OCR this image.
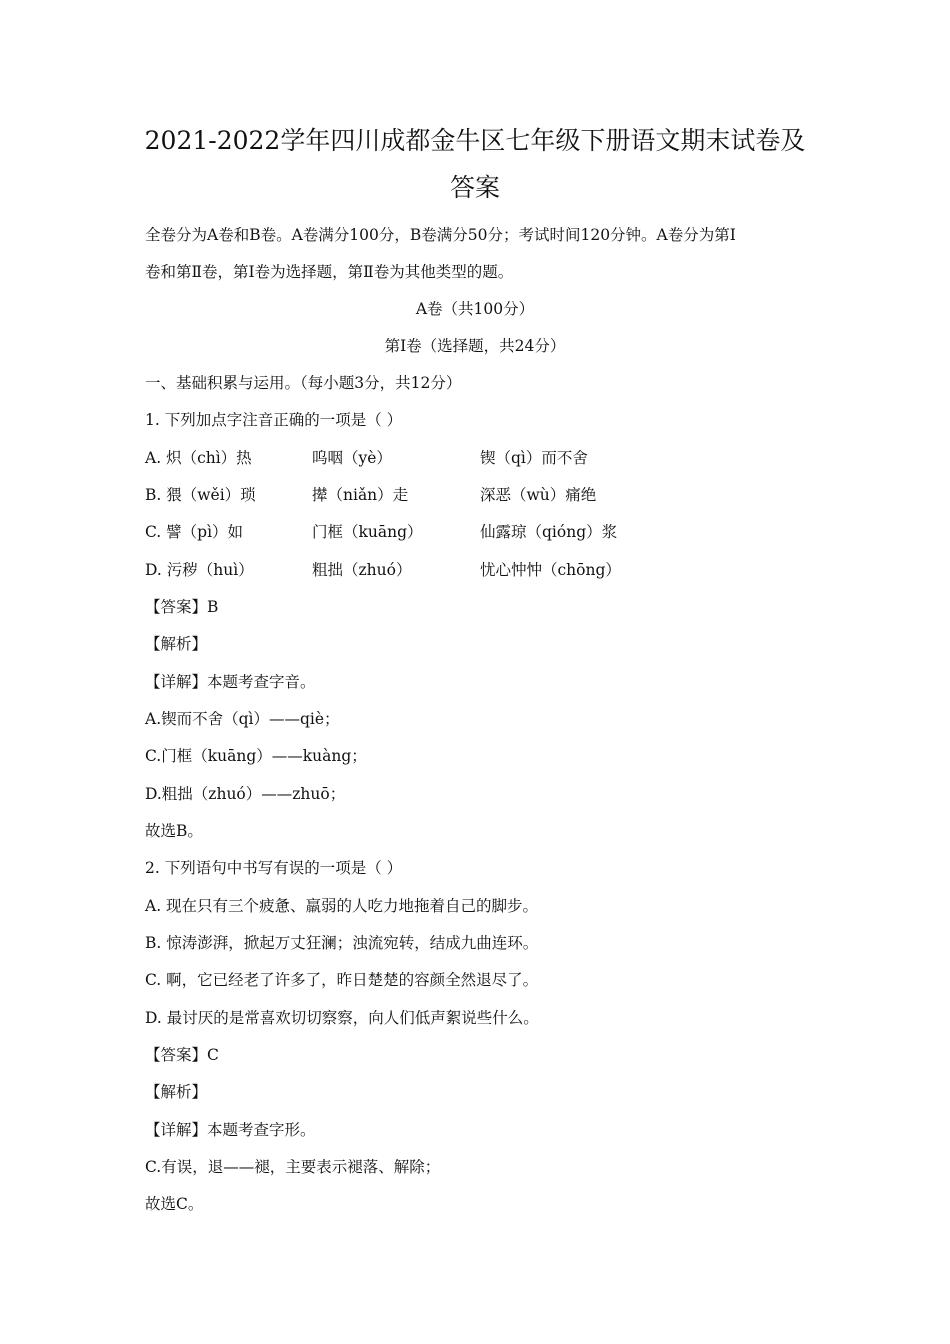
2021-2022学年四川成都金牛区七年级下册语文期末试卷及
答案
全卷分为A卷和B卷。A卷满分100分，B卷满分50分；考试时间120分钟。A卷分为第Ⅰ
卷和第Ⅱ卷，第Ⅰ卷为选择题，第Ⅱ卷为其他类型的题。
A卷（共100分）
第Ⅰ卷（选择题，共24分）
一、基础积累与运用。（每小题3分，共12分）
1. 下列加点字注音正确的一项是（ ）
A. 炽（chì）热	呜咽（yè）	锲（qì）而不舍
B. 猥（wěi）琐	撵（niǎn）走	深恶（wù）痛绝
C. 譬（pì）如	门框（kuāng）	仙露琼（qióng）浆
D. 污秽（huì）	粗拙（zhuó）	忧心忡忡（chōng）
【答案】B
【解析】
【详解】本题考查字音。
A.锲而不舍（qì）——qiè；
C.门框（kuāng）——kuàng；
D.粗拙（zhuó）——zhuō；
故选B。
2. 下列语句中书写有误的一项是（ ）
A. 现在只有三个疲惫、羸弱的人吃力地拖着自己的脚步。
B. 惊涛澎湃，掀起万丈狂澜；浊流宛转，结成九曲连环。
C. 啊，它已经老了许多了，昨日楚楚的容颜全然退尽了。
D. 最讨厌的是常喜欢切切察察，向人们低声絮说些什么。
【答案】C
【解析】
【详解】本题考查字形。
C.有误，退——褪，主要表示褪落、解除；
故选C。
